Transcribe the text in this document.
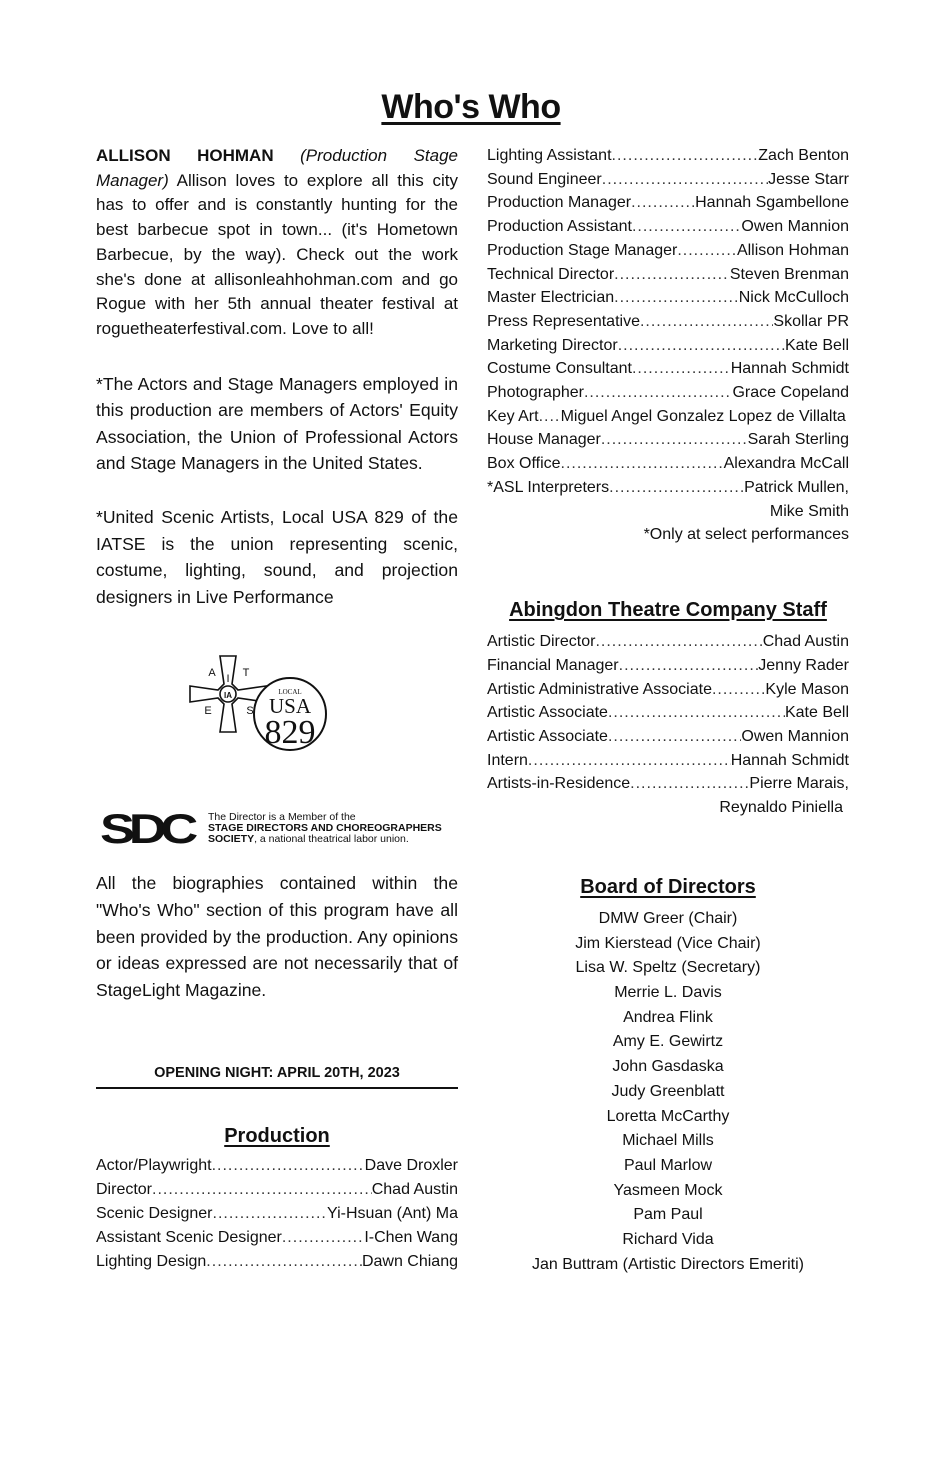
Who's Who

ALLISON HOHMAN (Production Stage Manager) Allison loves to explore all this city has to offer and is constantly hunting for the best barbecue spot in town... (it's Hometown Barbecue, by the way). Check out the work she's done at allisonleahhohman.com and go Rogue with her 5th annual theater festival at roguetheaterfestival.com. Love to all!

*The Actors and Stage Managers employed in this production are members of Actors' Equity Association, the Union of Professional Actors and Stage Managers in the United States.

*United Scenic Artists, Local USA 829 of the IATSE is the union representing scenic, costume, lighting, sound, and projection designers in Live Performance

I
A T
S
E
IA	LOCAL
USA
829
SDC The Director is a Member of the
STAGE DIRECTORS AND CHOREOGRAPHERS
SOCIETY, a national theatrical labor union.

All the biographies contained within the "Who's Who" section of this program have all been provided by the production. Any opinions or ideas expressed are not necessarily that of StageLight Magazine.

OPENING NIGHT: APRIL 20TH, 2023
Production
Actor/Playwright .....	Dave Droxler
Director .....	Chad Austin
Scenic Designer .....	Yi-Hsuan (Ant) Ma
Assistant Scenic Designer .....	I-Chen Wang
Lighting Design .....	Dawn Chiang
Lighting Assistant .....	Zach Benton
Sound Engineer .....	Jesse Starr
Production Manager .....	Hannah Sgambellone
Production Assistant .....	Owen Mannion
Production Stage Manager .....	Allison Hohman
Technical Director .....	Steven Brenman
Master Electrician .....	Nick McCulloch
Press Representative .....	Skollar PR
Marketing Director .....	Kate Bell
Costume Consultant .....	Hannah Schmidt
Photographer .....	Grace Copeland
Key Art ..... Miguel Angel Gonzalez Lopez de Villalta
House Manager .....	Sarah Sterling
Box Office .....	Alexandra McCall
*ASL Interpreters .....	Patrick Mullen,
Mike Smith

*Only at select performances

Abingdon Theatre Company Staff
Artistic Director .....	Chad Austin
Financial Manager .....	Jenny Rader
Artistic Administrative Associate .....	Kyle Mason
Artistic Associate .....	Kate Bell
Artistic Associate .....	Owen Mannion
Intern .....	Hannah Schmidt
Artists-in-Residence .....	Pierre Marais,
Reynaldo Piniella
Board of Directors
DMW Greer (Chair)
Jim Kierstead (Vice Chair)
Lisa W. Speltz (Secretary)
Merrie L. Davis
Andrea Flink
Amy E. Gewirtz
John Gasdaska
Judy Greenblatt
Loretta McCarthy
Michael Mills
Paul Marlow
Yasmeen Mock
Pam Paul
Richard Vida
Jan Buttram (Artistic Directors Emeriti)
